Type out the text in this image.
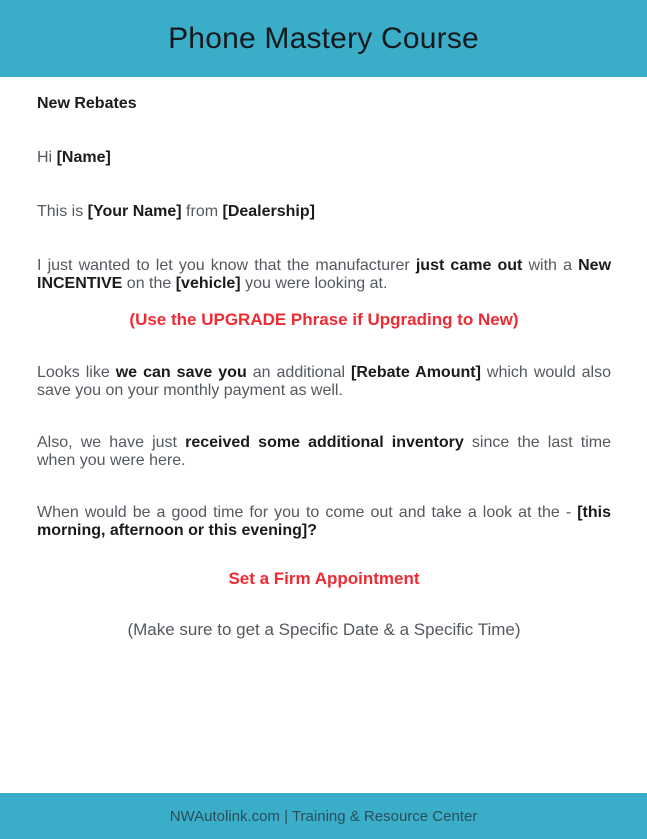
Phone Mastery Course

New Rebates

Hi [Name]

This is [Your Name] from [Dealership]

I just wanted to let you know that the manufacturer just came out with a New INCENTIVE on the [vehicle] you were looking at.

(Use the UPGRADE Phrase if Upgrading to New)

Looks like we can save you an additional [Rebate Amount] which would also save you on your monthly payment as well.

Also, we have just received some additional inventory since the last time when you were here.

When would be a good time for you to come out and take a look at the - [this morning, afternoon or this evening]?

Set a Firm Appointment

(Make sure to get a Specific Date & a Specific Time)

NWAutolink.com | Training & Resource Center
